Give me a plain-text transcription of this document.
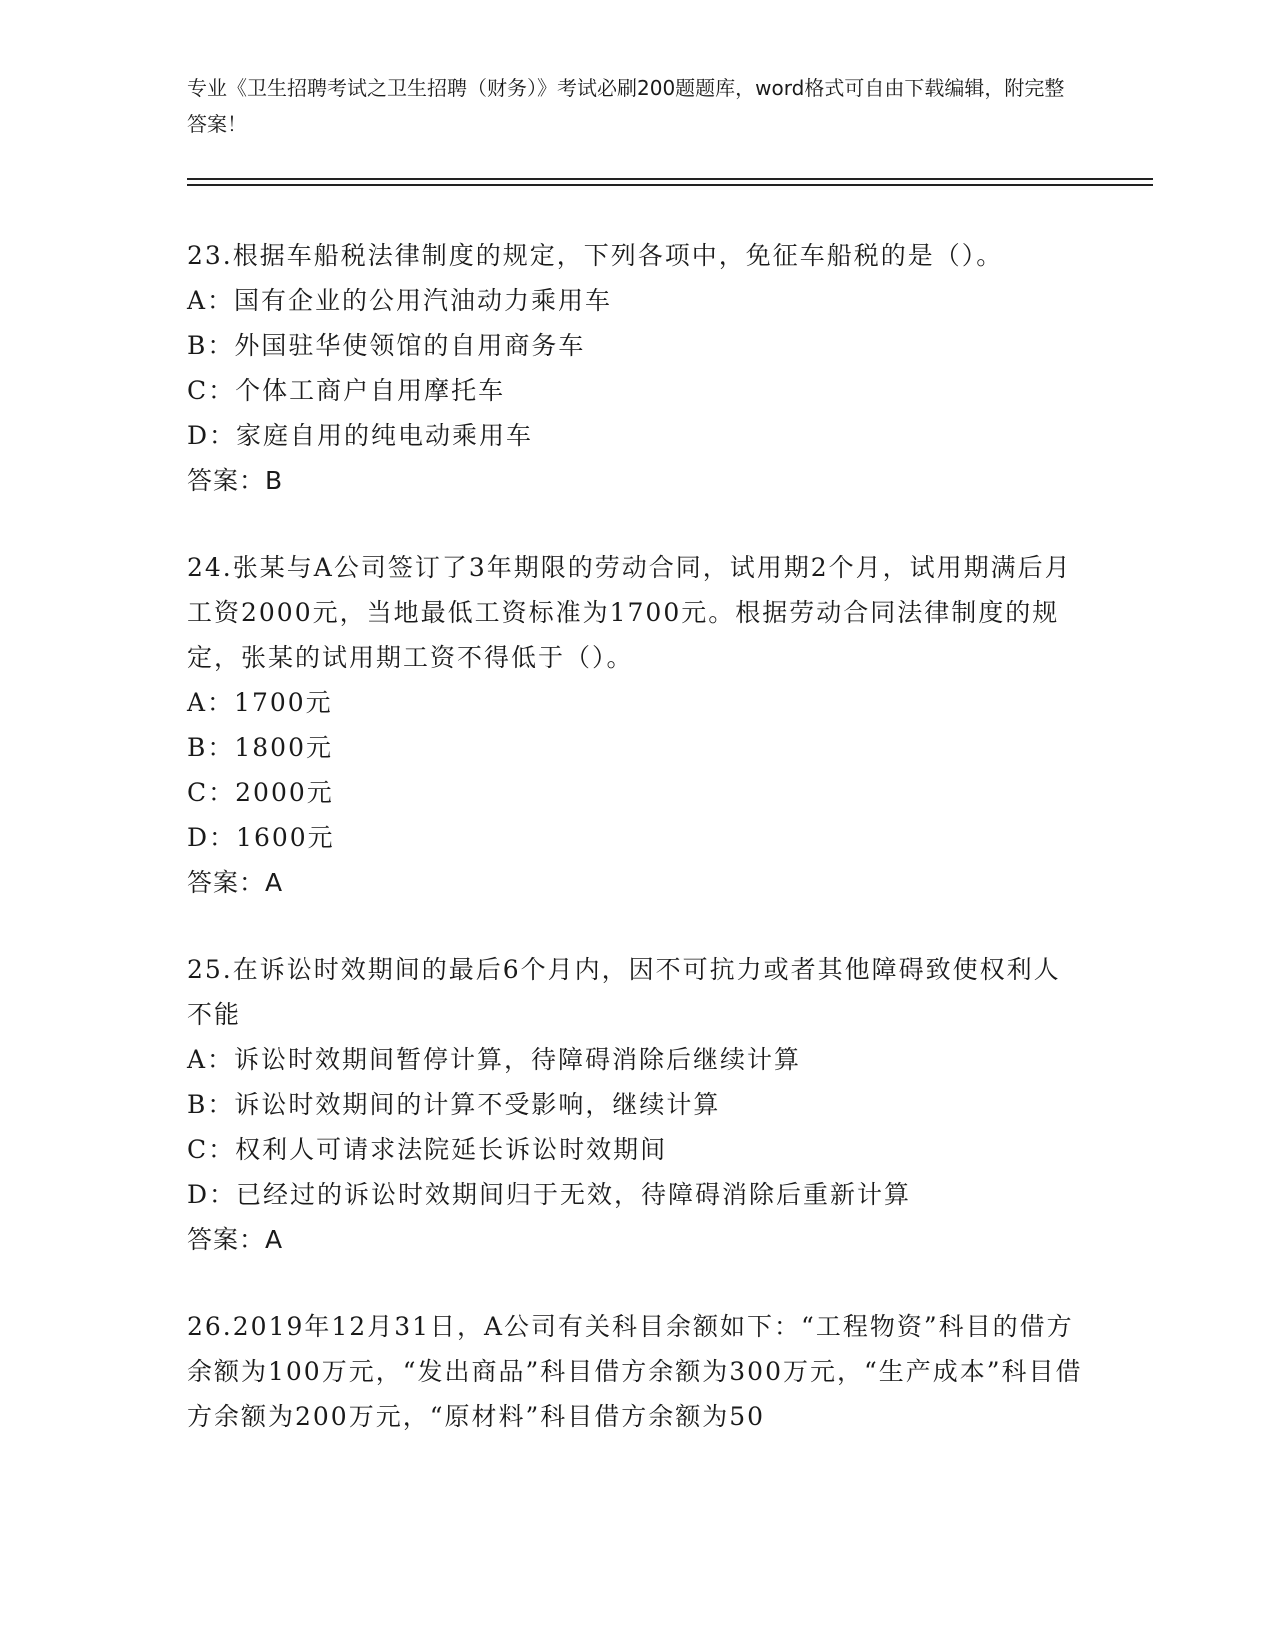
专业《卫生招聘考试之卫生招聘（财务）》考试必刷200题题库，word格式可自由下载编辑，附完整答案！

23.根据车船税法律制度的规定，下列各项中，免征车船税的是（）。

A：国有企业的公用汽油动力乘用车

B：外国驻华使领馆的自用商务车

C：个体工商户自用摩托车

D：家庭自用的纯电动乘用车

答案：B

24.张某与A公司签订了3年期限的劳动合同，试用期2个月，试用期满后月工资2000元，当地最低工资标准为1700元。根据劳动合同法律制度的规定，张某的试用期工资不得低于（）。

A：1700元

B：1800元

C：2000元

D：1600元

答案：A

25.在诉讼时效期间的最后6个月内，因不可抗力或者其他障碍致使权利人不能

A：诉讼时效期间暂停计算，待障碍消除后继续计算

B：诉讼时效期间的计算不受影响，继续计算

C：权利人可请求法院延长诉讼时效期间

D：已经过的诉讼时效期间归于无效，待障碍消除后重新计算

答案：A

26.2019年12月31日，A公司有关科目余额如下：“工程物资”科目的借方余额为100万元，“发出商品”科目借方余额为300万元，“生产成本”科目借方余额为200万元，“原材料”科目借方余额为50
